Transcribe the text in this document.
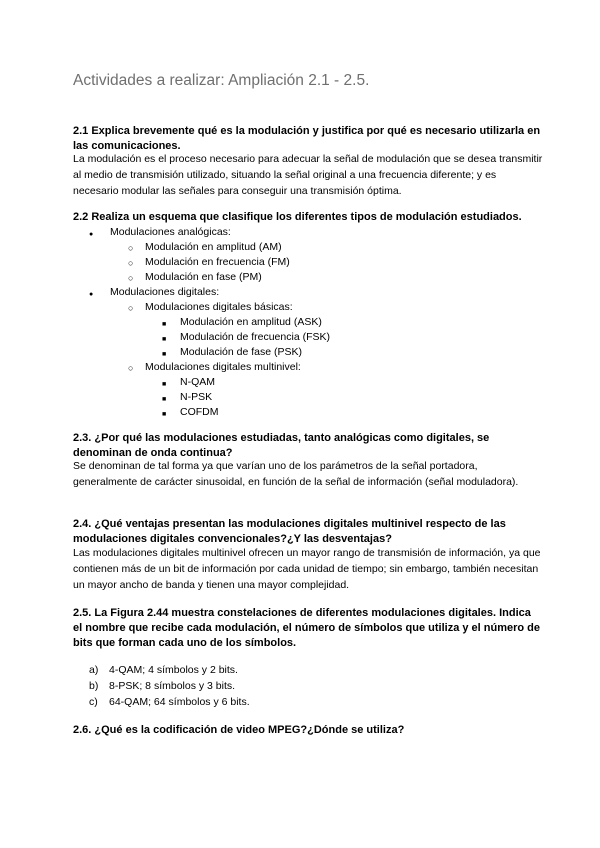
Actividades a realizar: Ampliación 2.1 - 2.5.
2.1 Explica brevemente qué es la modulación y justifica por qué es necesario utilizarla en las comunicaciones.
La modulación es el proceso necesario para adecuar la señal de modulación que se desea transmitir al medio de transmisión utilizado, situando la señal original a una frecuencia diferente; y es necesario modular las señales para conseguir una transmisión óptima.
2.2 Realiza un esquema que clasifique los diferentes tipos de modulación estudiados.
●
Modulaciones analógicas:
○
Modulación en amplitud (AM)
○
Modulación en frecuencia (FM)
○
Modulación en fase (PM)
●
Modulaciones digitales:
○
Modulaciones digitales básicas:
■
Modulación en amplitud (ASK)
■
Modulación de frecuencia (FSK)
■
Modulación de fase (PSK)
○
Modulaciones digitales multinivel:
■
N-QAM
■
N-PSK
■
COFDM
2.3. ¿Por qué las modulaciones estudiadas, tanto analógicas como digitales, se denominan de onda continua?
Se denominan de tal forma ya que varían uno de los parámetros de la señal portadora, generalmente de carácter sinusoidal, en función de la señal de información (señal moduladora).
2.4. ¿Qué ventajas presentan las modulaciones digitales multinivel respecto de las modulaciones digitales convencionales?¿Y las desventajas?
Las modulaciones digitales multinivel ofrecen un mayor rango de transmisión de información, ya que contienen más de un bit de información por cada unidad de tiempo; sin embargo, también necesitan un mayor ancho de banda y tienen una mayor complejidad.
2.5. La Figura 2.44 muestra constelaciones de diferentes modulaciones digitales. Indica el nombre que recibe cada modulación, el número de símbolos que utiliza y el número de bits que forman cada uno de los símbolos.
a) 4-QAM; 4 símbolos y 2 bits.
b) 8-PSK; 8 símbolos y 3 bits.
c) 64-QAM; 64 símbolos y 6 bits.
2.6. ¿Qué es la codificación de video MPEG?¿Dónde se utiliza?
